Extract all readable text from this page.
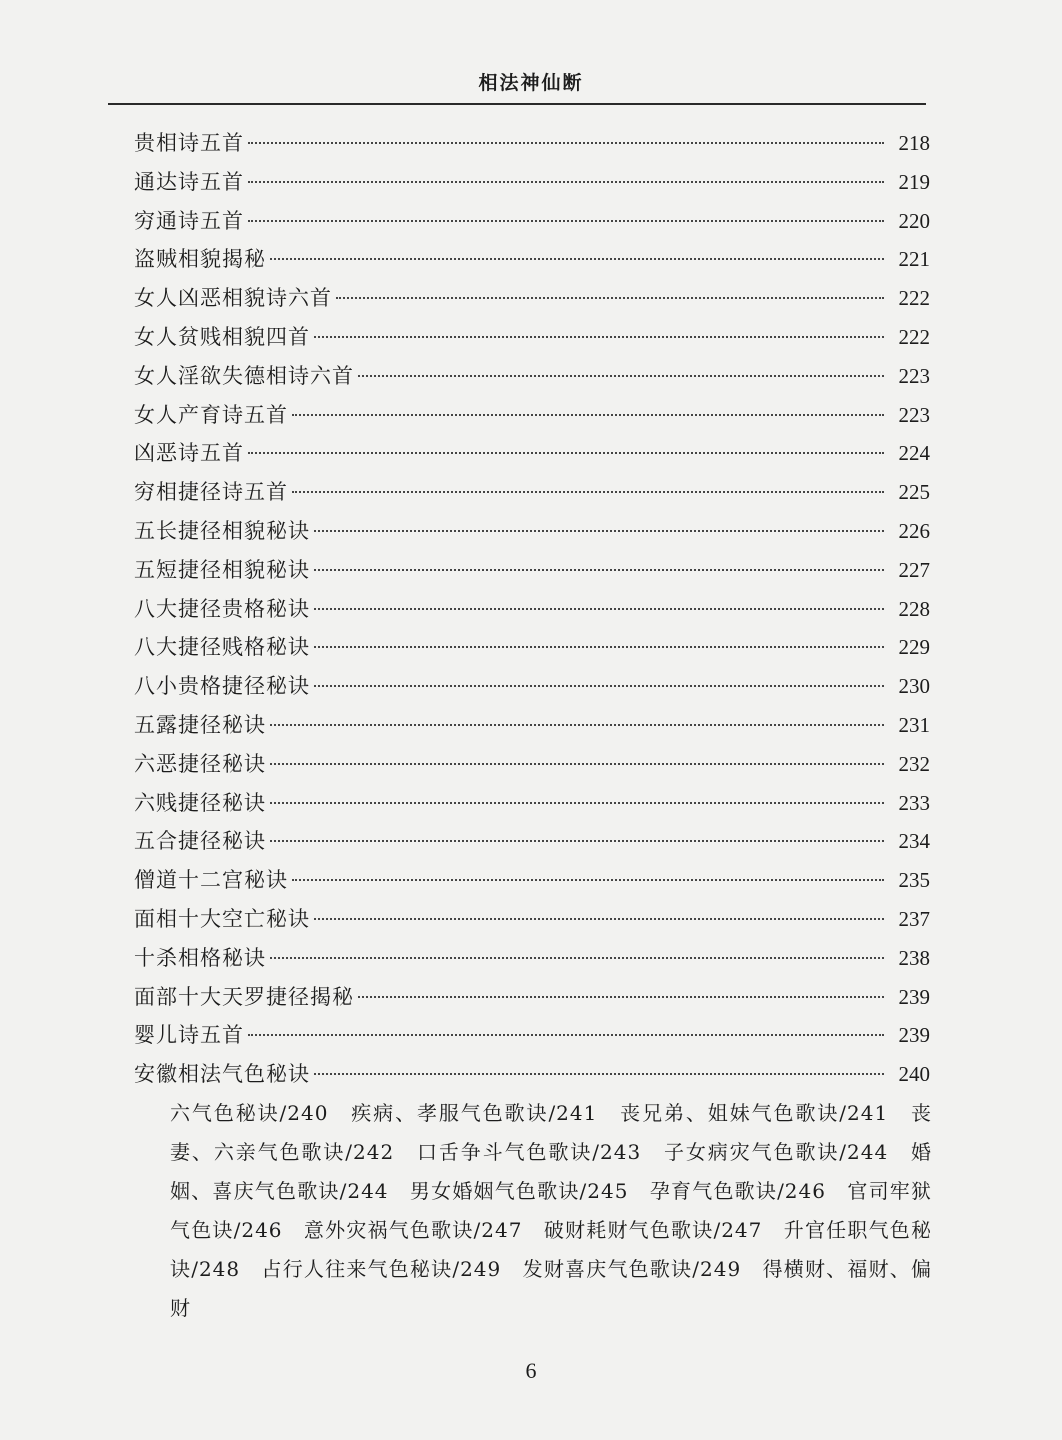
相法神仙断
贵相诗五首	218
通达诗五首	219
穷通诗五首	220
盗贼相貌揭秘	221
女人凶恶相貌诗六首	222
女人贫贱相貌四首	222
女人淫欲失德相诗六首	223
女人产育诗五首	223
凶恶诗五首	224
穷相捷径诗五首	225
五长捷径相貌秘诀	226
五短捷径相貌秘诀	227
八大捷径贵格秘诀	228
八大捷径贱格秘诀	229
八小贵格捷径秘诀	230
五露捷径秘诀	231
六恶捷径秘诀	232
六贱捷径秘诀	233
五合捷径秘诀	234
僧道十二宫秘诀	235
面相十大空亡秘诀	237
十杀相格秘诀	238
面部十大天罗捷径揭秘	239
婴儿诗五首	239
安徽相法气色秘诀	240
六气色秘诀/240　疾病、孝服气色歌诀/241　丧兄弟、姐妹气色歌诀/241　丧妻、六亲气色歌诀/242　口舌争斗气色歌诀/243　子女病灾气色歌诀/244　婚姻、喜庆气色歌诀/244　男女婚姻气色歌诀/245　孕育气色歌诀/246　官司牢狱气色诀/246　意外灾祸气色歌诀/247　破财耗财气色歌诀/247　升官任职气色秘诀/248　占行人往来气色秘诀/249　发财喜庆气色歌诀/249　得横财、福财、偏财
6
